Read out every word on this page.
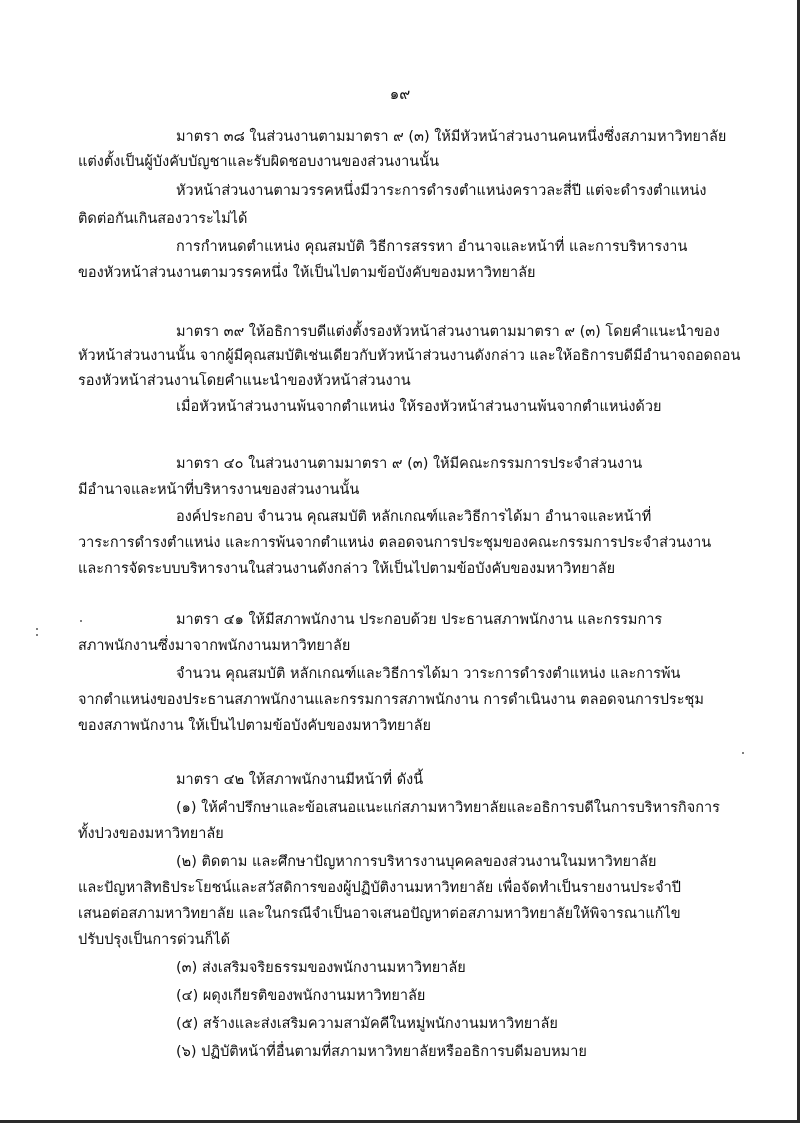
๑๙
มาตรา ๓๘ ในส่วนงานตามมาตรา ๙ (๓) ให้มีหัวหน้าส่วนงานคนหนึ่งซึ่งสภามหาวิทยาลัย
แต่งตั้งเป็นผู้บังคับบัญชาและรับผิดชอบงานของส่วนงานนั้น
หัวหน้าส่วนงานตามวรรคหนึ่งมีวาระการดำรงตำแหน่งคราวละสี่ปี แต่จะดำรงตำแหน่ง
ติดต่อกันเกินสองวาระไม่ได้
การกำหนดตำแหน่ง คุณสมบัติ วิธีการสรรหา อำนาจและหน้าที่ และการบริหารงาน
ของหัวหน้าส่วนงานตามวรรคหนึ่ง ให้เป็นไปตามข้อบังคับของมหาวิทยาลัย
มาตรา ๓๙ ให้อธิการบดีแต่งตั้งรองหัวหน้าส่วนงานตามมาตรา ๙ (๓) โดยคำแนะนำของ
หัวหน้าส่วนงานนั้น จากผู้มีคุณสมบัติเช่นเดียวกับหัวหน้าส่วนงานดังกล่าว และให้อธิการบดีมีอำนาจถอดถอน
รองหัวหน้าส่วนงานโดยคำแนะนำของหัวหน้าส่วนงาน
เมื่อหัวหน้าส่วนงานพ้นจากตำแหน่ง ให้รองหัวหน้าส่วนงานพ้นจากตำแหน่งด้วย
มาตรา ๔๐ ในส่วนงานตามมาตรา ๙ (๓) ให้มีคณะกรรมการประจำส่วนงาน
มีอำนาจและหน้าที่บริหารงานของส่วนงานนั้น
องค์ประกอบ จำนวน คุณสมบัติ หลักเกณฑ์และวิธีการได้มา อำนาจและหน้าที่
วาระการดำรงตำแหน่ง และการพ้นจากตำแหน่ง ตลอดจนการประชุมของคณะกรรมการประจำส่วนงาน
และการจัดระบบบริหารงานในส่วนงานดังกล่าว ให้เป็นไปตามข้อบังคับของมหาวิทยาลัย
มาตรา ๔๑ ให้มีสภาพนักงาน ประกอบด้วย ประธานสภาพนักงาน และกรรมการ
สภาพนักงานซึ่งมาจากพนักงานมหาวิทยาลัย
จำนวน คุณสมบัติ หลักเกณฑ์และวิธีการได้มา วาระการดำรงตำแหน่ง และการพ้น
จากตำแหน่งของประธานสภาพนักงานและกรรมการสภาพนักงาน การดำเนินงาน ตลอดจนการประชุม
ของสภาพนักงาน ให้เป็นไปตามข้อบังคับของมหาวิทยาลัย
มาตรา ๔๒ ให้สภาพนักงานมีหน้าที่ ดังนี้
(๑) ให้คำปรึกษาและข้อเสนอแนะแก่สภามหาวิทยาลัยและอธิการบดีในการบริหารกิจการ
ทั้งปวงของมหาวิทยาลัย
(๒) ติดตาม และศึกษาปัญหาการบริหารงานบุคคลของส่วนงานในมหาวิทยาลัย
และปัญหาสิทธิประโยชน์และสวัสดิการของผู้ปฏิบัติงานมหาวิทยาลัย เพื่อจัดทำเป็นรายงานประจำปี
เสนอต่อสภามหาวิทยาลัย และในกรณีจำเป็นอาจเสนอปัญหาต่อสภามหาวิทยาลัยให้พิจารณาแก้ไข
ปรับปรุงเป็นการด่วนก็ได้
(๓) ส่งเสริมจริยธรรมของพนักงานมหาวิทยาลัย
(๔) ผดุงเกียรติของพนักงานมหาวิทยาลัย
(๕) สร้างและส่งเสริมความสามัคคีในหมู่พนักงานมหาวิทยาลัย
(๖) ปฏิบัติหน้าที่อื่นตามที่สภามหาวิทยาลัยหรืออธิการบดีมอบหมาย
